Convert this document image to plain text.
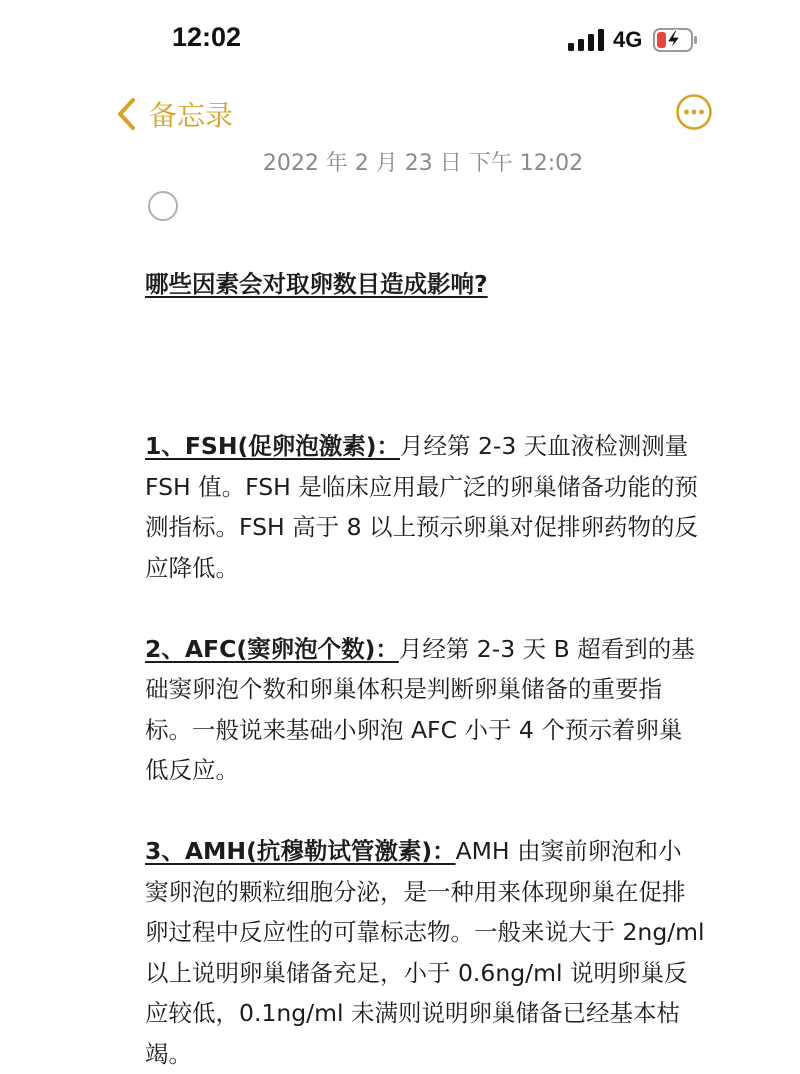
12:02	4G
备忘录
2022 年 2 月 23 日 下午 12:02

哪些因素会对取卵数目造成影响?

1、FSH(促卵泡激素)：月经第 2-3 天血液检测测量 FSH 值。FSH 是临床应用最广泛的卵巢储备功能的预测指标。FSH 高于 8 以上预示卵巢对促排卵药物的反应降低。

2、AFC(窦卵泡个数)：月经第 2-3 天 B 超看到的基础窦卵泡个数和卵巢体积是判断卵巢储备的重要指标。一般说来基础小卵泡 AFC 小于 4 个预示着卵巢低反应。

3、AMH(抗穆勒试管激素)：AMH 由窦前卵泡和小窦卵泡的颗粒细胞分泌，是一种用来体现卵巢在促排卵过程中反应性的可靠标志物。一般来说大于 2ng/ml 以上说明卵巢储备充足，小于 0.6ng/ml 说明卵巢反应较低，0.1ng/ml 未满则说明卵巢储备已经基本枯竭。
